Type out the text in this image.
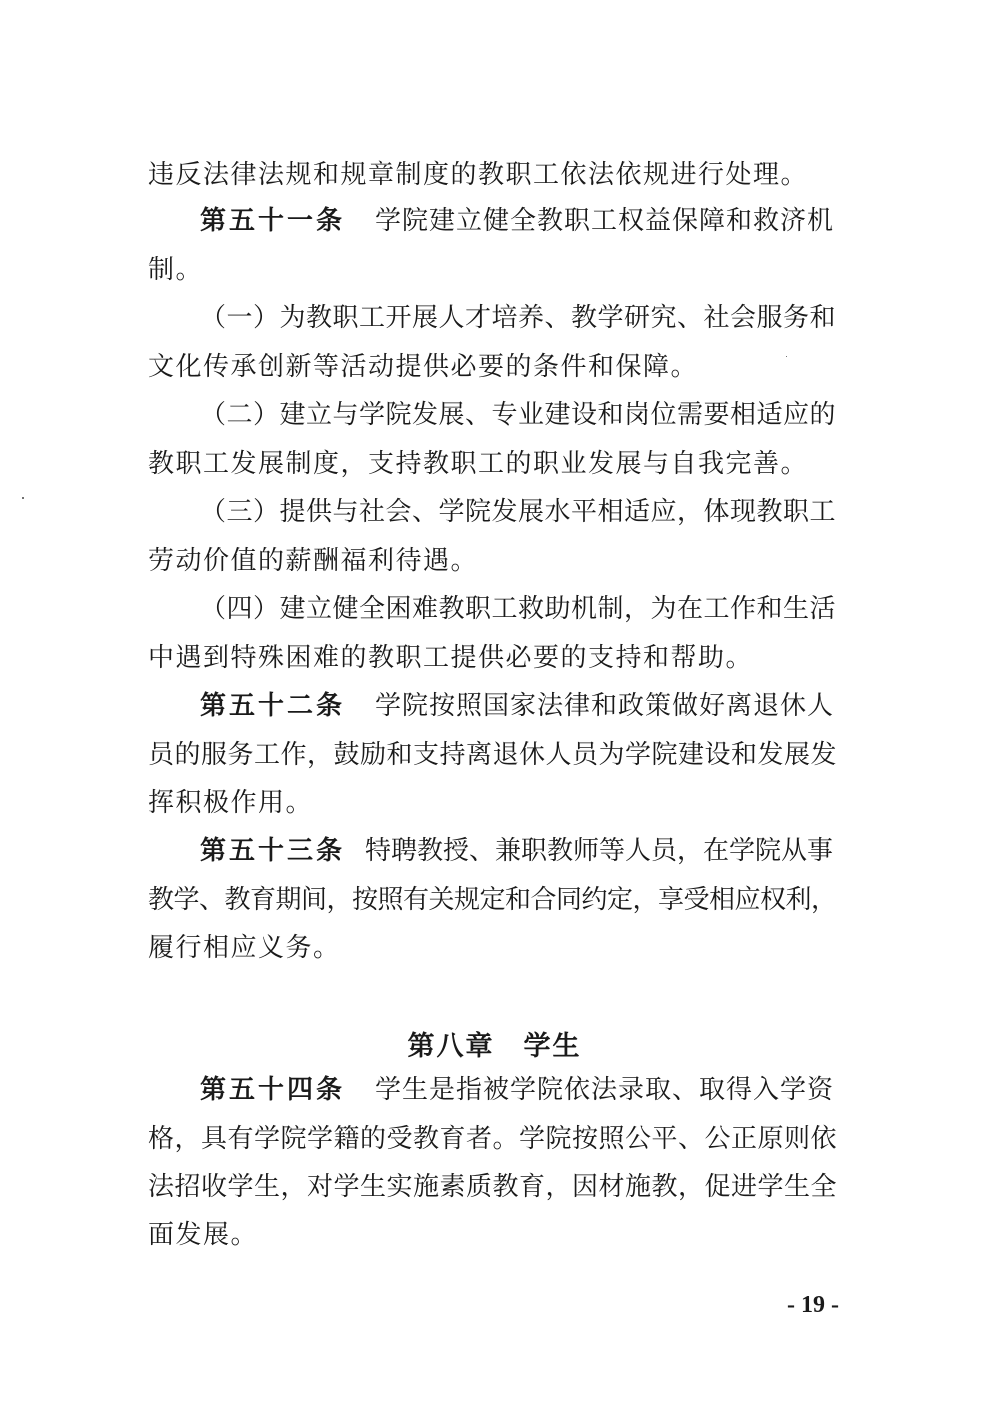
违反法律法规和规章制度的教职工依法依规进行处理。
第五十一条 学院建立健全教职工权益保障和救济机
制。
（一）为教职工开展人才培养、教学研究、社会服务和
文化传承创新等活动提供必要的条件和保障。
（二）建立与学院发展、专业建设和岗位需要相适应的
教职工发展制度，支持教职工的职业发展与自我完善。
（三）提供与社会、学院发展水平相适应，体现教职工
劳动价值的薪酬福利待遇。
（四）建立健全困难教职工救助机制，为在工作和生活
中遇到特殊困难的教职工提供必要的支持和帮助。
第五十二条 学院按照国家法律和政策做好离退休人
员的服务工作，鼓励和支持离退休人员为学院建设和发展发
挥积极作用。
第五十三条 特聘教授、兼职教师等人员，在学院从事
教学、教育期间，按照有关规定和合同约定，享受相应权利，
履行相应义务。
第八章　学生
第五十四条 学生是指被学院依法录取、取得入学资
格，具有学院学籍的受教育者。学院按照公平、公正原则依
法招收学生，对学生实施素质教育，因材施教，促进学生全
面发展。
- 19 -
